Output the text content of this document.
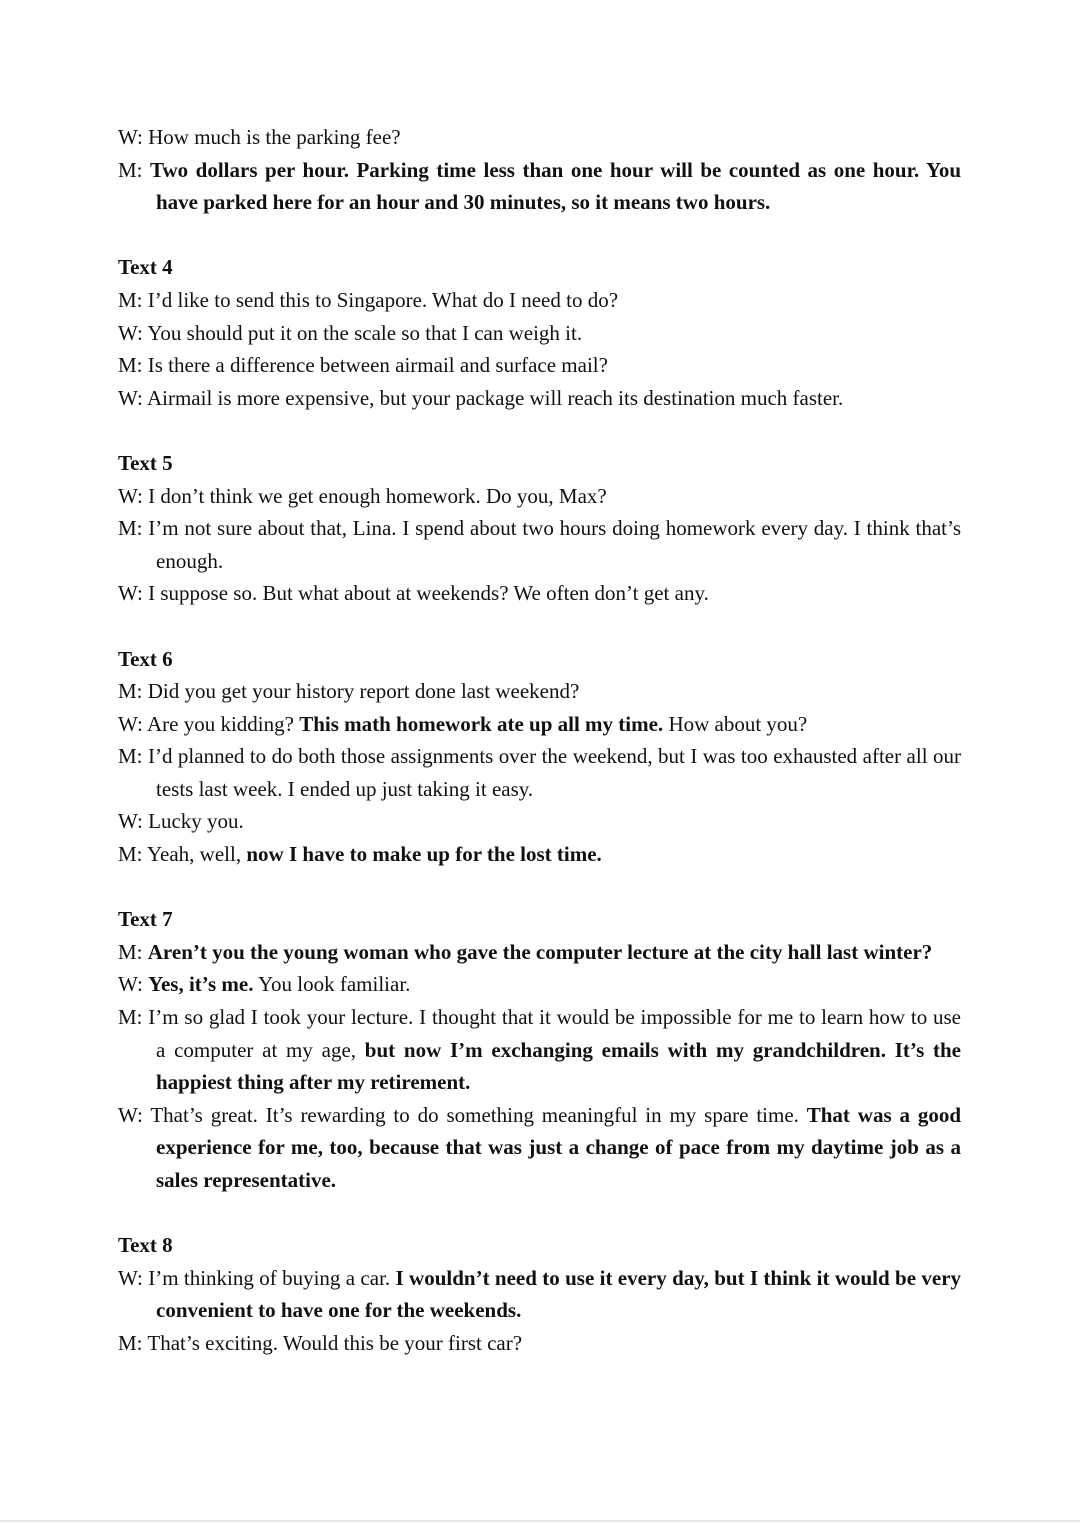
W: How much is the parking fee?

M: Two dollars per hour. Parking time less than one hour will be counted as one hour. You have parked here for an hour and 30 minutes, so it means two hours.

Text 4

M: I’d like to send this to Singapore. What do I need to do?

W: You should put it on the scale so that I can weigh it.

M: Is there a difference between airmail and surface mail?

W: Airmail is more expensive, but your package will reach its destination much faster.

Text 5

W: I don’t think we get enough homework. Do you, Max?

M: I’m not sure about that, Lina. I spend about two hours doing homework every day. I think that’s enough.

W: I suppose so. But what about at weekends? We often don’t get any.

Text 6

M: Did you get your history report done last weekend?

W: Are you kidding? This math homework ate up all my time. How about you?

M: I’d planned to do both those assignments over the weekend, but I was too exhausted after all our tests last week. I ended up just taking it easy.

W: Lucky you.

M: Yeah, well, now I have to make up for the lost time.

Text 7

M: Aren’t you the young woman who gave the computer lecture at the city hall last winter?

W: Yes, it’s me. You look familiar.

M: I’m so glad I took your lecture. I thought that it would be impossible for me to learn how to use a computer at my age, but now I’m exchanging emails with my grandchildren. It’s the happiest thing after my retirement.

W: That’s great. It’s rewarding to do something meaningful in my spare time. That was a good experience for me, too, because that was just a change of pace from my daytime job as a sales representative.

Text 8

W: I’m thinking of buying a car. I wouldn’t need to use it every day, but I think it would be very convenient to have one for the weekends.

M: That’s exciting. Would this be your first car?
